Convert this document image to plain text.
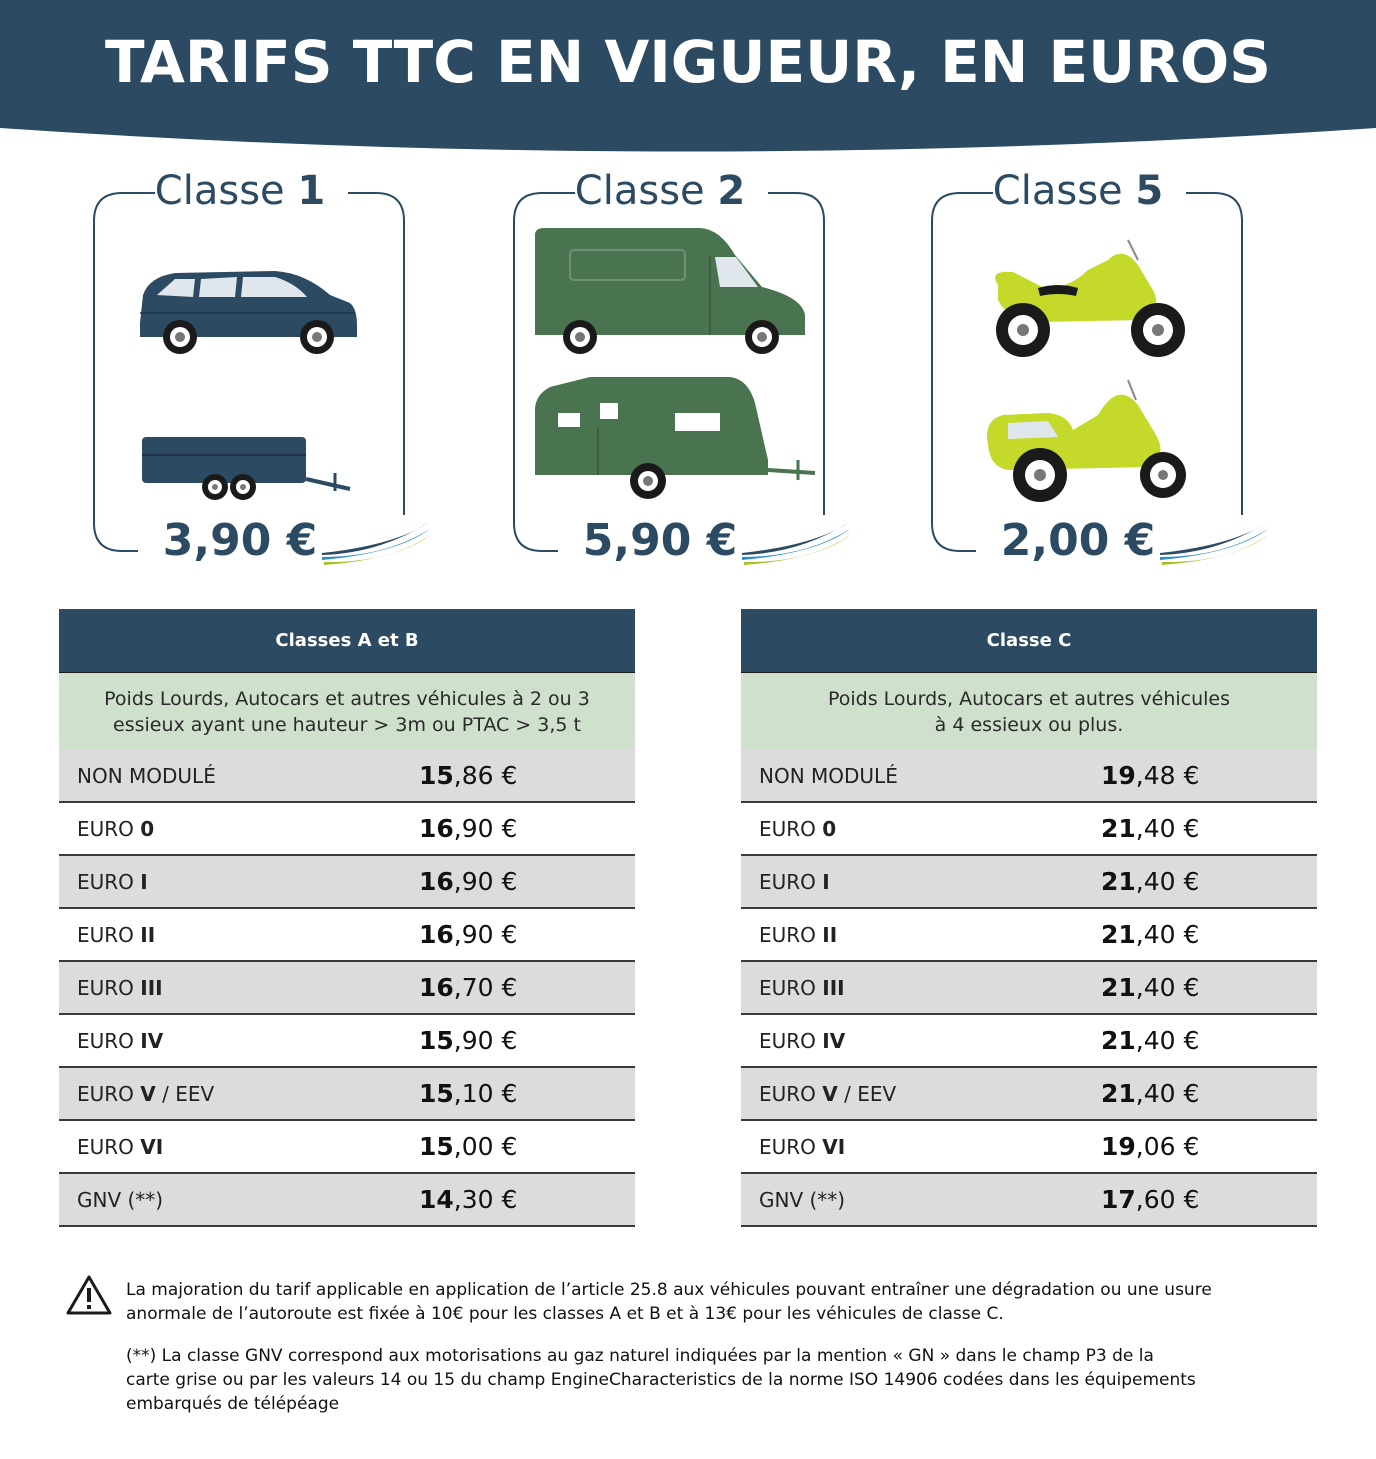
TARIFS TTC EN VIGUEUR, EN EUROS
Classe 1
3,90 €
Classe 2
5,90 €
Classe 5
2,00 €
Classes A et B
Poids Lourds, Autocars et autres véhicules à 2 ou 3
essieux ayant une hauteur > 3m ou PTAC > 3,5 t
NON MODULÉ	15,86 €
EURO 0	16,90 €
EURO I	16,90 €
EURO II	16,90 €
EURO III	16,70 €
EURO IV	15,90 €
EURO V / EEV	15,10 €
EURO VI	15,00 €
GNV (**)	14,30 €
Classe C
Poids Lourds, Autocars et autres véhicules
à 4 essieux ou plus.
NON MODULÉ	19,48 €
EURO 0	21,40 €
EURO I	21,40 €
EURO II	21,40 €
EURO III	21,40 €
EURO IV	21,40 €
EURO V / EEV	21,40 €
EURO VI	19,06 €
GNV (**)	17,60 €
La majoration du tarif applicable en application de l’article 25.8 aux véhicules pouvant entraîner une dégradation ou une usure
anormale de l’autoroute est fixée à 10€ pour les classes A et B et à 13€ pour les véhicules de classe C.
(**) La classe GNV correspond aux motorisations au gaz naturel indiquées par la mention « GN » dans le champ P3 de la
carte grise ou par les valeurs 14 ou 15 du champ EngineCharacteristics de la norme ISO 14906 codées dans les équipements
embarqués de télépéage
